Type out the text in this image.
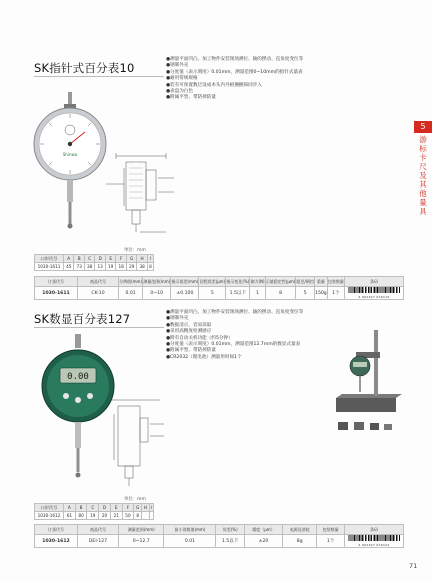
5
游标卡尺及其他量具
SK指针式百分表10
●测量平面凹凸、加工物件安装现场测位、轴的摆动、直角度变位等
●钢制外壳
●分度值（表示刻度）0.01mm，测量范围0~10mm的指针式量表
●耐用常规规格
●装有可预置数过设成木头内丹板捆捆探同步入
●表盘为白色
●附属平型、带防掉防量
Shinwa
单位：mm
口形代号	A	B	C	D	E	F	G	H	I
1030-1611	45	73	38	13	19	18	29	38	8
订货代号	商品代号	分辨值(mm)	测量范围(mm)	指示误差(mm)	回程误差(μm)	指示变化(%)	测力(N)	示值稳定性(μm)	阻尼/倒挡	重量	包装数量	条码
1030-1611	CK-10	0.01	0~10	±0.100	5	1.5以下	1	8	5	150g	1个	4 902327 016115
SK数显百分表127	●测量平面凹凸、加工物件安装现场测位、轴的摆动、直角度变位等
●钢制外壳
●数据清示，容易读取
●采用高精度检测感应
●附有自动关机功能（约5分钟）
●分度值（表示刻度）0.01mm，测量范围12.7mm的数显式量表
●附属平型、带防掉防量
●CR2032（锂电池）测量用时间1个
0.00
单位：mm
口形代号	A	B	C	D	E	F	G	H	I
1030-1612	61	80	19	20	21	50	8		
订货代号	商品代号	测量范围(mm)	最小读数值(mm)	误差(%)	精度（μm）	电源及消耗	包装数量	条码
1030-1612	DEI-127	0~12.7	0.01	1.5以下	±20	8g	1个	4 902327 016122
71
